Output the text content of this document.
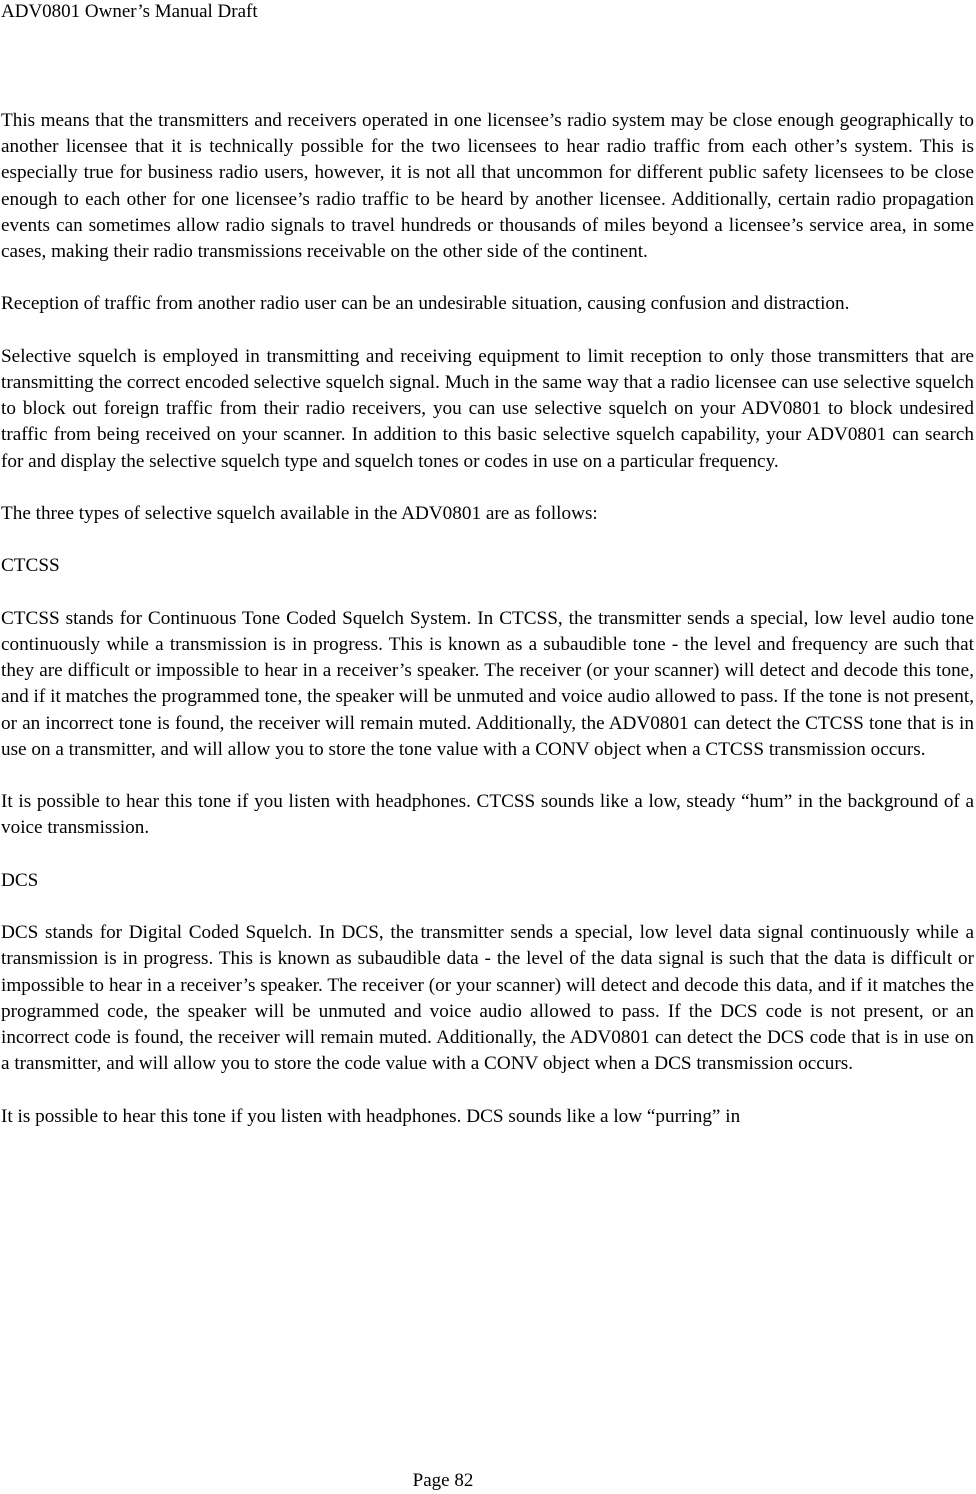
ADV0801 Owner’s Manual Draft

This means that the transmitters and receivers operated in one licensee’s radio system may be close enough geographically to another licensee that it is technically possible for the two licensees to hear radio traffic from each other’s system. This is especially true for business radio users, however, it is not all that uncommon for different public safety licensees to be close enough to each other for one licensee’s radio traffic to be heard by another licensee. Additionally, certain radio propagation events can sometimes allow radio signals to travel hundreds or thousands of miles beyond a licensee’s service area, in some cases, making their radio transmissions receivable on the other side of the continent.

Reception of traffic from another radio user can be an undesirable situation, causing confusion and distraction.

Selective squelch is employed in transmitting and receiving equipment to limit reception to only those transmitters that are transmitting the correct encoded selective squelch signal. Much in the same way that a radio licensee can use selective squelch to block out foreign traffic from their radio receivers, you can use selective squelch on your ADV0801 to block undesired traffic from being received on your scanner. In addition to this basic selective squelch capability, your ADV0801 can search for and display the selective squelch type and squelch tones or codes in use on a particular frequency.

The three types of selective squelch available in the ADV0801 are as follows:

CTCSS

CTCSS stands for Continuous Tone Coded Squelch System. In CTCSS, the transmitter sends a special, low level audio tone continuously while a transmission is in progress. This is known as a subaudible tone - the level and frequency are such that they are difficult or impossible to hear in a receiver’s speaker. The receiver (or your scanner) will detect and decode this tone, and if it matches the programmed tone, the speaker will be unmuted and voice audio allowed to pass. If the tone is not present, or an incorrect tone is found, the receiver will remain muted. Additionally, the ADV0801 can detect the CTCSS tone that is in use on a transmitter, and will allow you to store the tone value with a CONV object when a CTCSS transmission occurs.

It is possible to hear this tone if you listen with headphones. CTCSS sounds like a low, steady “hum” in the background of a voice transmission.

DCS

DCS stands for Digital Coded Squelch. In DCS, the transmitter sends a special, low level data signal continuously while a transmission is in progress. This is known as subaudible data - the level of the data signal is such that the data is difficult or impossible to hear in a receiver’s speaker. The receiver (or your scanner) will detect and decode this data, and if it matches the programmed code, the speaker will be unmuted and voice audio allowed to pass. If the DCS code is not present, or an incorrect code is found, the receiver will remain muted. Additionally, the ADV0801 can detect the DCS code that is in use on a transmitter, and will allow you to store the code value with a CONV object when a DCS transmission occurs.

It is possible to hear this tone if you listen with headphones. DCS sounds like a low “purring” in

Page 82
